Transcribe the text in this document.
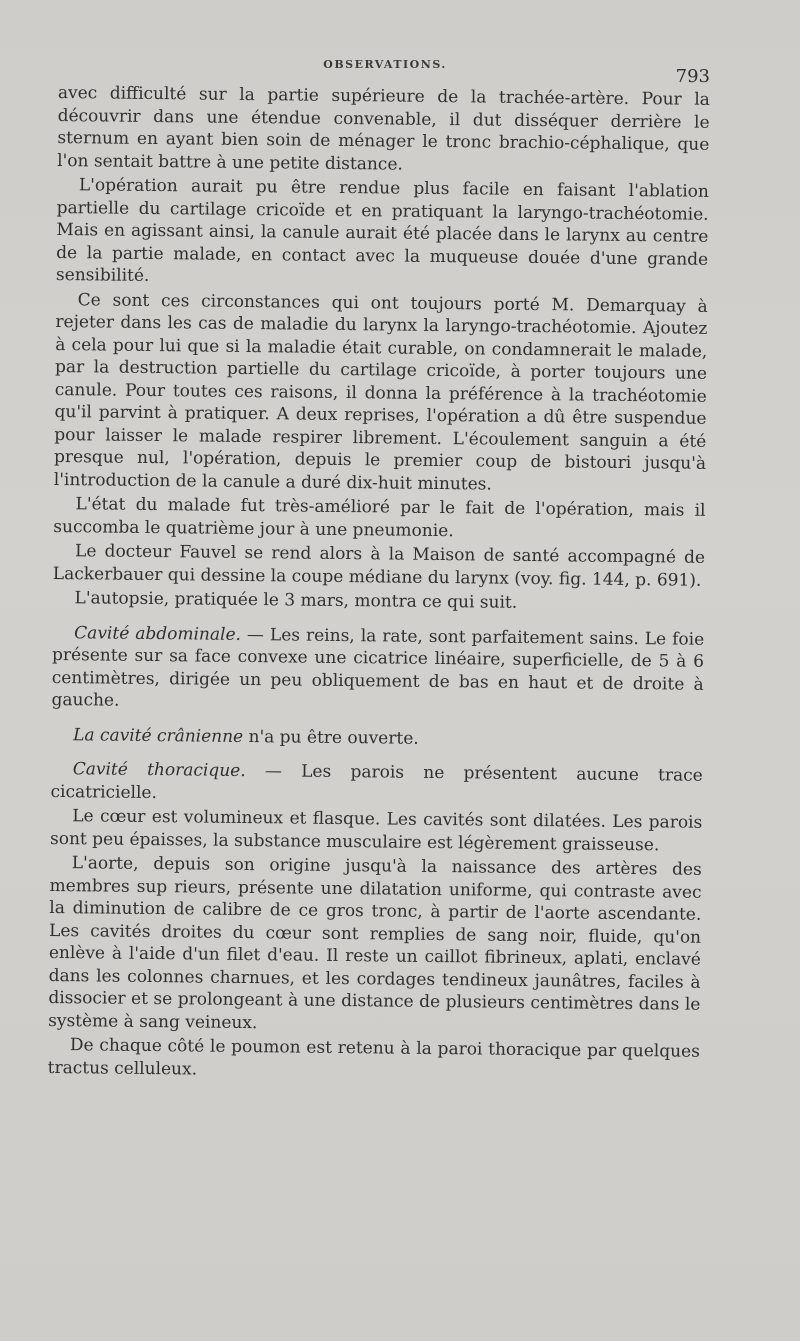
OBSERVATIONS.
793

avec difficulté sur la partie supérieure de la trachée-artère. Pour la découvrir dans une étendue convenable, il dut disséquer derrière le sternum en ayant bien soin de ménager le tronc brachio-céphalique, que l'on sentait battre à une petite distance.

L'opération aurait pu être rendue plus facile en faisant l'ablation partielle du cartilage cricoïde et en pratiquant la laryngo-trachéotomie. Mais en agissant ainsi, la canule aurait été placée dans le larynx au centre de la partie malade, en contact avec la muqueuse douée d'une grande sensibilité.

Ce sont ces circonstances qui ont toujours porté M. Demarquay à rejeter dans les cas de maladie du larynx la laryngo-trachéotomie. Ajoutez à cela pour lui que si la maladie était curable, on condamnerait le malade, par la destruction partielle du cartilage cricoïde, à porter toujours une canule. Pour toutes ces raisons, il donna la préférence à la trachéotomie qu'il parvint à pratiquer. A deux reprises, l'opération a dû être suspendue pour laisser le malade respirer librement. L'écoulement sanguin a été presque nul, l'opération, depuis le premier coup de bistouri jusqu'à l'introduction de la canule a duré dix-huit minutes.

L'état du malade fut très-amélioré par le fait de l'opération, mais il succomba le quatrième jour à une pneumonie.

Le docteur Fauvel se rend alors à la Maison de santé accompagné de Lackerbauer qui dessine la coupe médiane du larynx (voy. fig. 144, p. 691).

L'autopsie, pratiquée le 3 mars, montra ce qui suit.

Cavité abdominale. — Les reins, la rate, sont parfaitement sains. Le foie présente sur sa face convexe une cicatrice linéaire, superficielle, de 5 à 6 centimètres, dirigée un peu obliquement de bas en haut et de droite à gauche.

La cavité crânienne n'a pu être ouverte.

Cavité thoracique. — Les parois ne présentent aucune trace cicatricielle.

Le cœur est volumineux et flasque. Les cavités sont dilatées. Les parois sont peu épaisses, la substance musculaire est légèrement graisseuse.

L'aorte, depuis son origine jusqu'à la naissance des artères des membres sup rieurs, présente une dilatation uniforme, qui contraste avec la diminution de calibre de ce gros tronc, à partir de l'aorte ascendante. Les cavités droites du cœur sont remplies de sang noir, fluide, qu'on enlève à l'aide d'un filet d'eau. Il reste un caillot fibrineux, aplati, enclavé dans les colonnes charnues, et les cordages tendineux jaunâtres, faciles à dissocier et se prolongeant à une distance de plusieurs centimètres dans le système à sang veineux.

De chaque côté le poumon est retenu à la paroi thoracique par quelques tractus celluleux.
